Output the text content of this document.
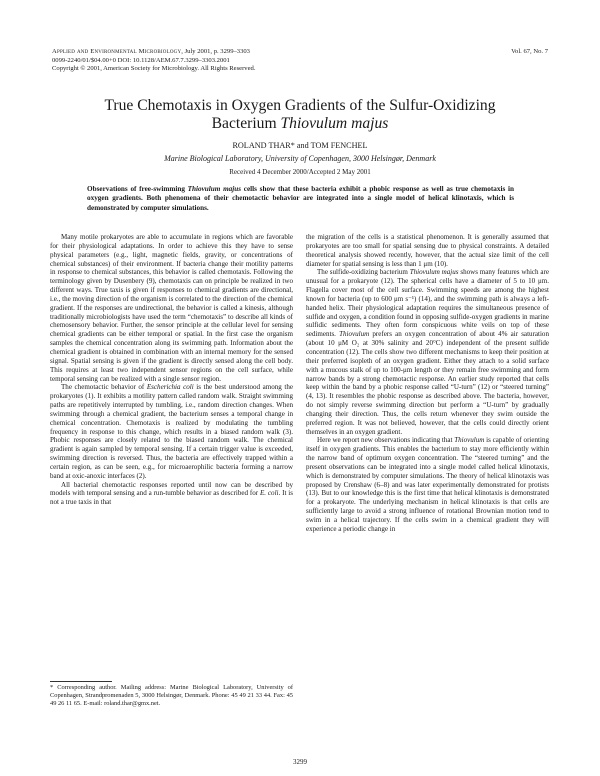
Applied and Environmental Microbiology, July 2001, p. 3299–3303	Vol. 67, No. 7
0099-2240/01/$04.00+0 DOI: 10.1128/AEM.67.7.3299–3303.2001
Copyright © 2001, American Society for Microbiology. All Rights Reserved.
True Chemotaxis in Oxygen Gradients of the Sulfur-Oxidizing
Bacterium Thiovulum majus
ROLAND THAR* and TOM FENCHEL
Marine Biological Laboratory, University of Copenhagen, 3000 Helsingør, Denmark
Received 4 December 2000/Accepted 2 May 2001
Observations of free-swimming Thiovulum majus cells show that these bacteria exhibit a phobic response as well as true chemotaxis in oxygen gradients. Both phenomena of their chemotactic behavior are integrated into a single model of helical klinotaxis, which is demonstrated by computer simulations.

Many motile prokaryotes are able to accumulate in regions which are favorable for their physiological adaptations. In order to achieve this they have to sense physical parameters (e.g., light, magnetic fields, gravity, or concentrations of chemical substances) of their environment. If bacteria change their motility patterns in response to chemical substances, this behavior is called chemotaxis. Following the terminology given by Dusenbery (9), chemotaxis can on principle be realized in two different ways. True taxis is given if responses to chemical gradients are directional, i.e., the moving direction of the organism is correlated to the direction of the chemical gradient. If the responses are undirectional, the behavior is called a kinesis, although traditionally microbiologists have used the term “chemotaxis” to describe all kinds of chemosensory behavior. Further, the sensor principle at the cellular level for sensing chemical gradients can be either temporal or spatial. In the first case the organism samples the chemical concentration along its swimming path. Information about the chemical gradient is obtained in combination with an internal memory for the sensed signal. Spatial sensing is given if the gradient is directly sensed along the cell body. This requires at least two independent sensor regions on the cell surface, while temporal sensing can be realized with a single sensor region.

The chemotactic behavior of Escherichia coli is the best understood among the prokaryotes (1). It exhibits a motility pattern called random walk. Straight swimming paths are repetitively interrupted by tumbling, i.e., random direction changes. When swimming through a chemical gradient, the bacterium senses a temporal change in chemical concentration. Chemotaxis is realized by modulating the tumbling frequency in response to this change, which results in a biased random walk (3). Phobic responses are closely related to the biased random walk. The chemical gradient is again sampled by temporal sensing. If a certain trigger value is exceeded, swimming direction is reversed. Thus, the bacteria are effectively trapped within a certain region, as can be seen, e.g., for microaerophilic bacteria forming a narrow band at oxic-anoxic interfaces (2).

All bacterial chemotactic responses reported until now can be described by models with temporal sensing and a run-tumble behavior as described for E. coli. It is not a true taxis in that

the migration of the cells is a statistical phenomenon. It is generally assumed that prokaryotes are too small for spatial sensing due to physical constraints. A detailed theoretical analysis showed recently, however, that the actual size limit of the cell diameter for spatial sensing is less than 1 μm (10).

The sulfide-oxidizing bacterium Thiovulum majus shows many features which are unusual for a prokaryote (12). The spherical cells have a diameter of 5 to 10 μm. Flagella cover most of the cell surface. Swimming speeds are among the highest known for bacteria (up to 600 μm s⁻¹) (14), and the swimming path is always a left-handed helix. Their physiological adaptation requires the simultaneous presence of sulfide and oxygen, a condition found in opposing sulfide-oxygen gradients in marine sulfidic sediments. They often form conspicuous white veils on top of these sediments. Thiovulum prefers an oxygen concentration of about 4% air saturation (about 10 μM O₂ at 30% salinity and 20°C) independent of the present sulfide concentration (12). The cells show two different mechanisms to keep their position at their preferred isopleth of an oxygen gradient. Either they attach to a solid surface with a mucous stalk of up to 100-μm length or they remain free swimming and form narrow bands by a strong chemotactic response. An earlier study reported that cells keep within the band by a phobic response called “U-turn” (12) or “steered turning” (4, 13). It resembles the phobic response as described above. The bacteria, however, do not simply reverse swimming direction but perform a “U-turn” by gradually changing their direction. Thus, the cells return whenever they swim outside the preferred region. It was not believed, however, that the cells could directly orient themselves in an oxygen gradient.

Here we report new observations indicating that Thiovulum is capable of orienting itself in oxygen gradients. This enables the bacterium to stay more efficiently within the narrow band of optimum oxygen concentration. The “steered turning” and the present observations can be integrated into a single model called helical klinotaxis, which is demonstrated by computer simulations. The theory of helical klinotaxis was proposed by Crenshaw (6–8) and was later experimentally demonstrated for protists (13). But to our knowledge this is the first time that helical klinotaxis is demonstrated for a prokaryote. The underlying mechanism in helical klinotaxis is that cells are sufficiently large to avoid a strong influence of rotational Brownian motion tend to swim in a helical trajectory. If the cells swim in a chemical gradient they will experience a periodic change in

* Corresponding author. Mailing address: Marine Biological Laboratory, University of Copenhagen, Strandpromenaden 5, 3000 Helsingør, Denmark. Phone: 45 49 21 33 44. Fax: 45 49 26 11 65. E-mail: roland.thar@gmx.net.
3299
